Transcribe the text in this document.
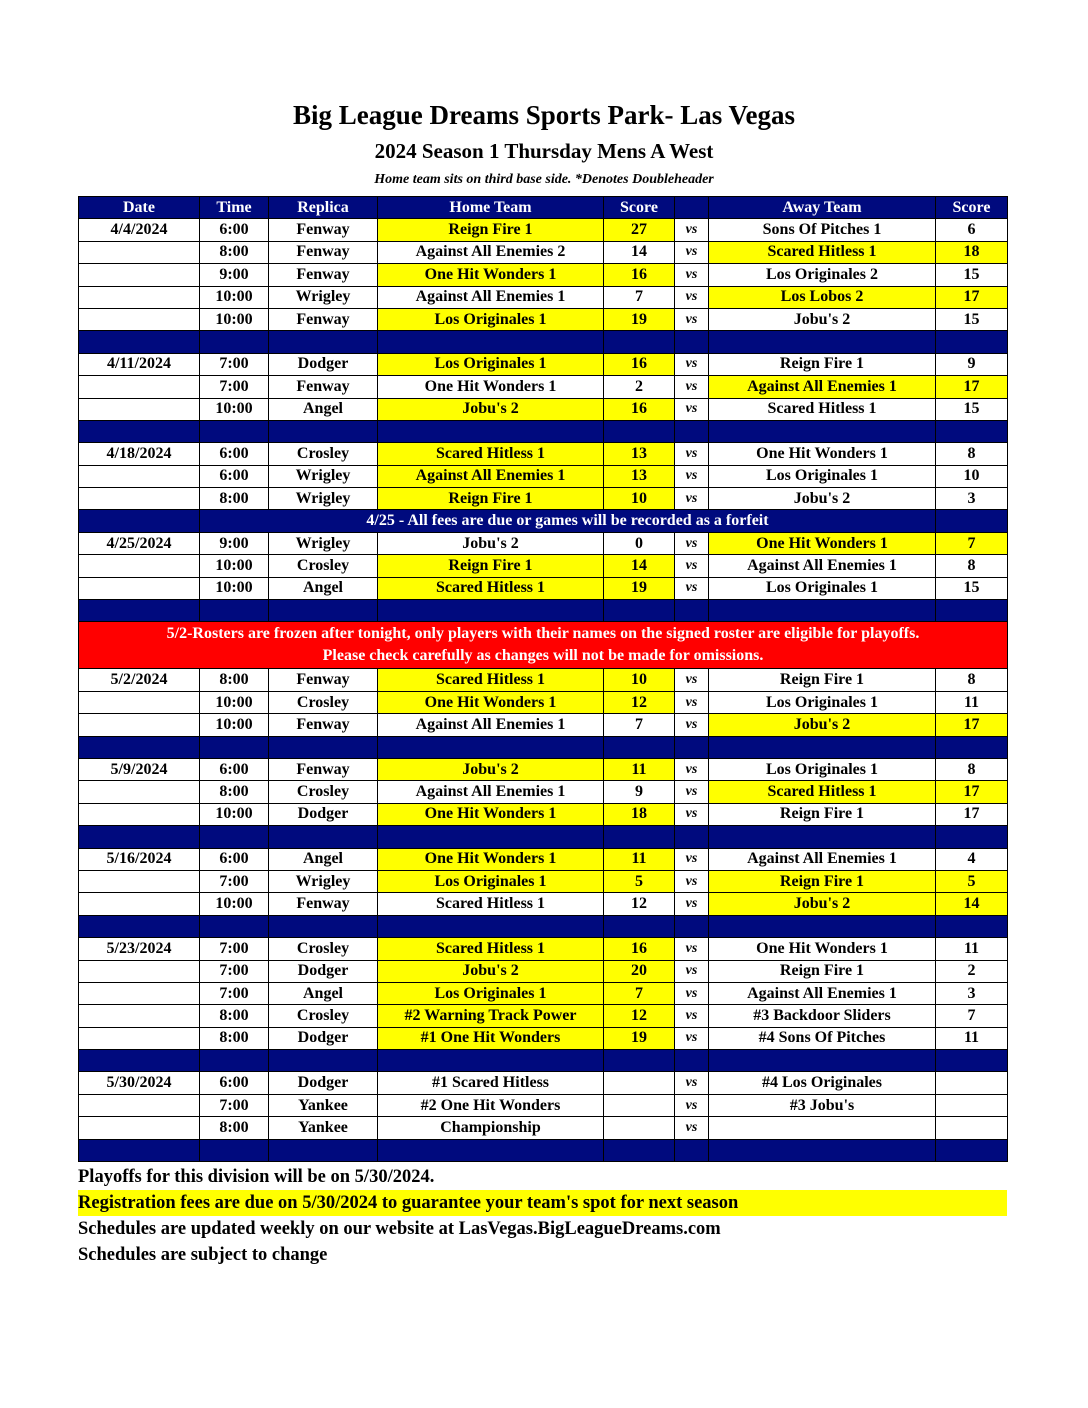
Big League Dreams Sports Park- Las Vegas
2024 Season 1 Thursday Mens A West
Home team sits on third base side. *Denotes Doubleheader
Date	Time	Replica	Home Team	Score		Away Team	Score
4/4/2024	6:00	Fenway	Reign Fire 1	27	vs	Sons Of Pitches 1	6
	8:00	Fenway	Against All Enemies 2	14	vs	Scared Hitless 1	18
	9:00	Fenway	One Hit Wonders 1	16	vs	Los Originales 2	15
	10:00	Wrigley	Against All Enemies 1	7	vs	Los Lobos 2	17
	10:00	Fenway	Los Originales 1	19	vs	Jobu's 2	15

4/11/2024	7:00	Dodger	Los Originales 1	16	vs	Reign Fire 1	9
	7:00	Fenway	One Hit Wonders 1	2	vs	Against All Enemies 1	17
	10:00	Angel	Jobu's 2	16	vs	Scared Hitless 1	15

4/18/2024	6:00	Crosley	Scared Hitless 1	13	vs	One Hit Wonders 1	8
	6:00	Wrigley	Against All Enemies 1	13	vs	Los Originales 1	10
	8:00	Wrigley	Reign Fire 1	10	vs	Jobu's 2	3
	4/25 - All fees are due or games will be recorded as a forfeit						
4/25/2024	9:00	Wrigley	Jobu's 2	0	vs	One Hit Wonders 1	7
	10:00	Crosley	Reign Fire 1	14	vs	Against All Enemies 1	8
	10:00	Angel	Scared Hitless 1	19	vs	Los Originales 1	15

5/2-Rosters are frozen after tonight, only players with their names on the signed roster are eligible for playoffs.
Please check carefully as changes will not be made for omissions.							

5/2/2024	8:00	Fenway	Scared Hitless 1	10	vs	Reign Fire 1	8
	10:00	Crosley	One Hit Wonders 1	12	vs	Los Originales 1	11
	10:00	Fenway	Against All Enemies 1	7	vs	Jobu's 2	17

5/9/2024	6:00	Fenway	Jobu's 2	11	vs	Los Originales 1	8
	8:00	Crosley	Against All Enemies 1	9	vs	Scared Hitless 1	17
	10:00	Dodger	One Hit Wonders 1	18	vs	Reign Fire 1	17

5/16/2024	6:00	Angel	One Hit Wonders 1	11	vs	Against All Enemies 1	4
	7:00	Wrigley	Los Originales 1	5	vs	Reign Fire 1	5
	10:00	Fenway	Scared Hitless 1	12	vs	Jobu's 2	14

5/23/2024	7:00	Crosley	Scared Hitless 1	16	vs	One Hit Wonders 1	11
	7:00	Dodger	Jobu's 2	20	vs	Reign Fire 1	2
	7:00	Angel	Los Originales 1	7	vs	Against All Enemies 1	3
	8:00	Crosley	#2 Warning Track Power	12	vs	#3 Backdoor Sliders	7
	8:00	Dodger	#1 One Hit Wonders	19	vs	#4 Sons Of Pitches	11

5/30/2024	6:00	Dodger	#1 Scared Hitless		vs	#4 Los Originales	
	7:00	Yankee	#2 One Hit Wonders		vs	#3 Jobu's	
	8:00	Yankee	Championship		vs		

Playoffs for this division will be on 5/30/2024.
Registration fees are due on 5/30/2024 to guarantee your team's spot for next season
Schedules are updated weekly on our website at LasVegas.BigLeagueDreams.com
Schedules are subject to change
